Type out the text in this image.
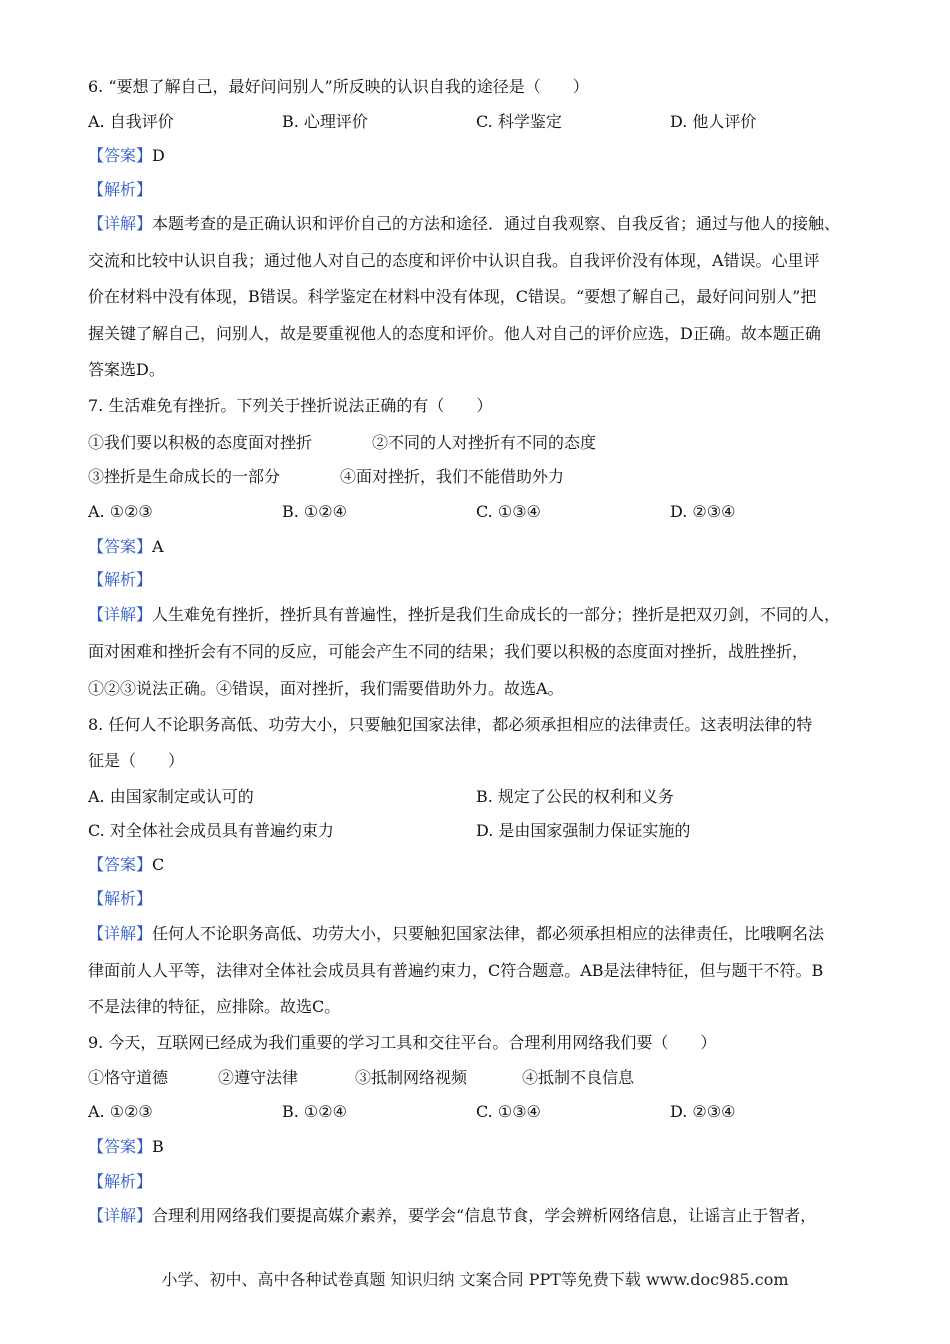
6. “要想了解自己，最好问问别人”所反映的认识自我的途径是（　　）
A. 自我评价	B. 心理评价	C. 科学鉴定	D. 他人评价
【答案】D
【解析】
【详解】本题考查的是正确认识和评价自己的方法和途径．通过自我观察、自我反省；通过与他人的接触、
交流和比较中认识自我；通过他人对自己的态度和评价中认识自我。自我评价没有体现，A错误。心里评
价在材料中没有体现，B错误。科学鉴定在材料中没有体现，C错误。“要想了解自己，最好问问别人”把
握关键了解自己，问别人，故是要重视他人的态度和评价。他人对自己的评价应选，D正确。故本题正确
答案选D。
7. 生活难免有挫折。下列关于挫折说法正确的有（　　）
①我们要以积极的态度面对挫折	②不同的人对挫折有不同的态度
③挫折是生命成长的一部分	④面对挫折，我们不能借助外力
A. ①②③	B. ①②④	C. ①③④	D. ②③④
【答案】A
【解析】
【详解】人生难免有挫折，挫折具有普遍性，挫折是我们生命成长的一部分；挫折是把双刃剑，不同的人，
面对困难和挫折会有不同的反应，可能会产生不同的结果；我们要以积极的态度面对挫折，战胜挫折，
①②③说法正确。④错误，面对挫折，我们需要借助外力。故选A。
8. 任何人不论职务高低、功劳大小，只要触犯国家法律，都必须承担相应的法律责任。这表明法律的特
征是（　　）
A. 由国家制定或认可的	B. 规定了公民的权利和义务
C. 对全体社会成员具有普遍约束力	D. 是由国家强制力保证实施的
【答案】C
【解析】
【详解】任何人不论职务高低、功劳大小，只要触犯国家法律，都必须承担相应的法律责任，比哦啊名法
律面前人人平等，法律对全体社会成员具有普遍约束力，C符合题意。AB是法律特征，但与题干不符。B
不是法律的特征，应排除。故选C。
9. 今天，互联网已经成为我们重要的学习工具和交往平台。合理利用网络我们要（　　）
①恪守道德	②遵守法律	③抵制网络视频	④抵制不良信息
A. ①②③	B. ①②④	C. ①③④	D. ②③④
【答案】B
【解析】
【详解】合理利用网络我们要提高媒介素养，要学会“信息节食，学会辨析网络信息，让谣言止于智者，
小学、初中、高中各种试卷真题 知识归纳 文案合同 PPT等免费下载 www.doc985.com
